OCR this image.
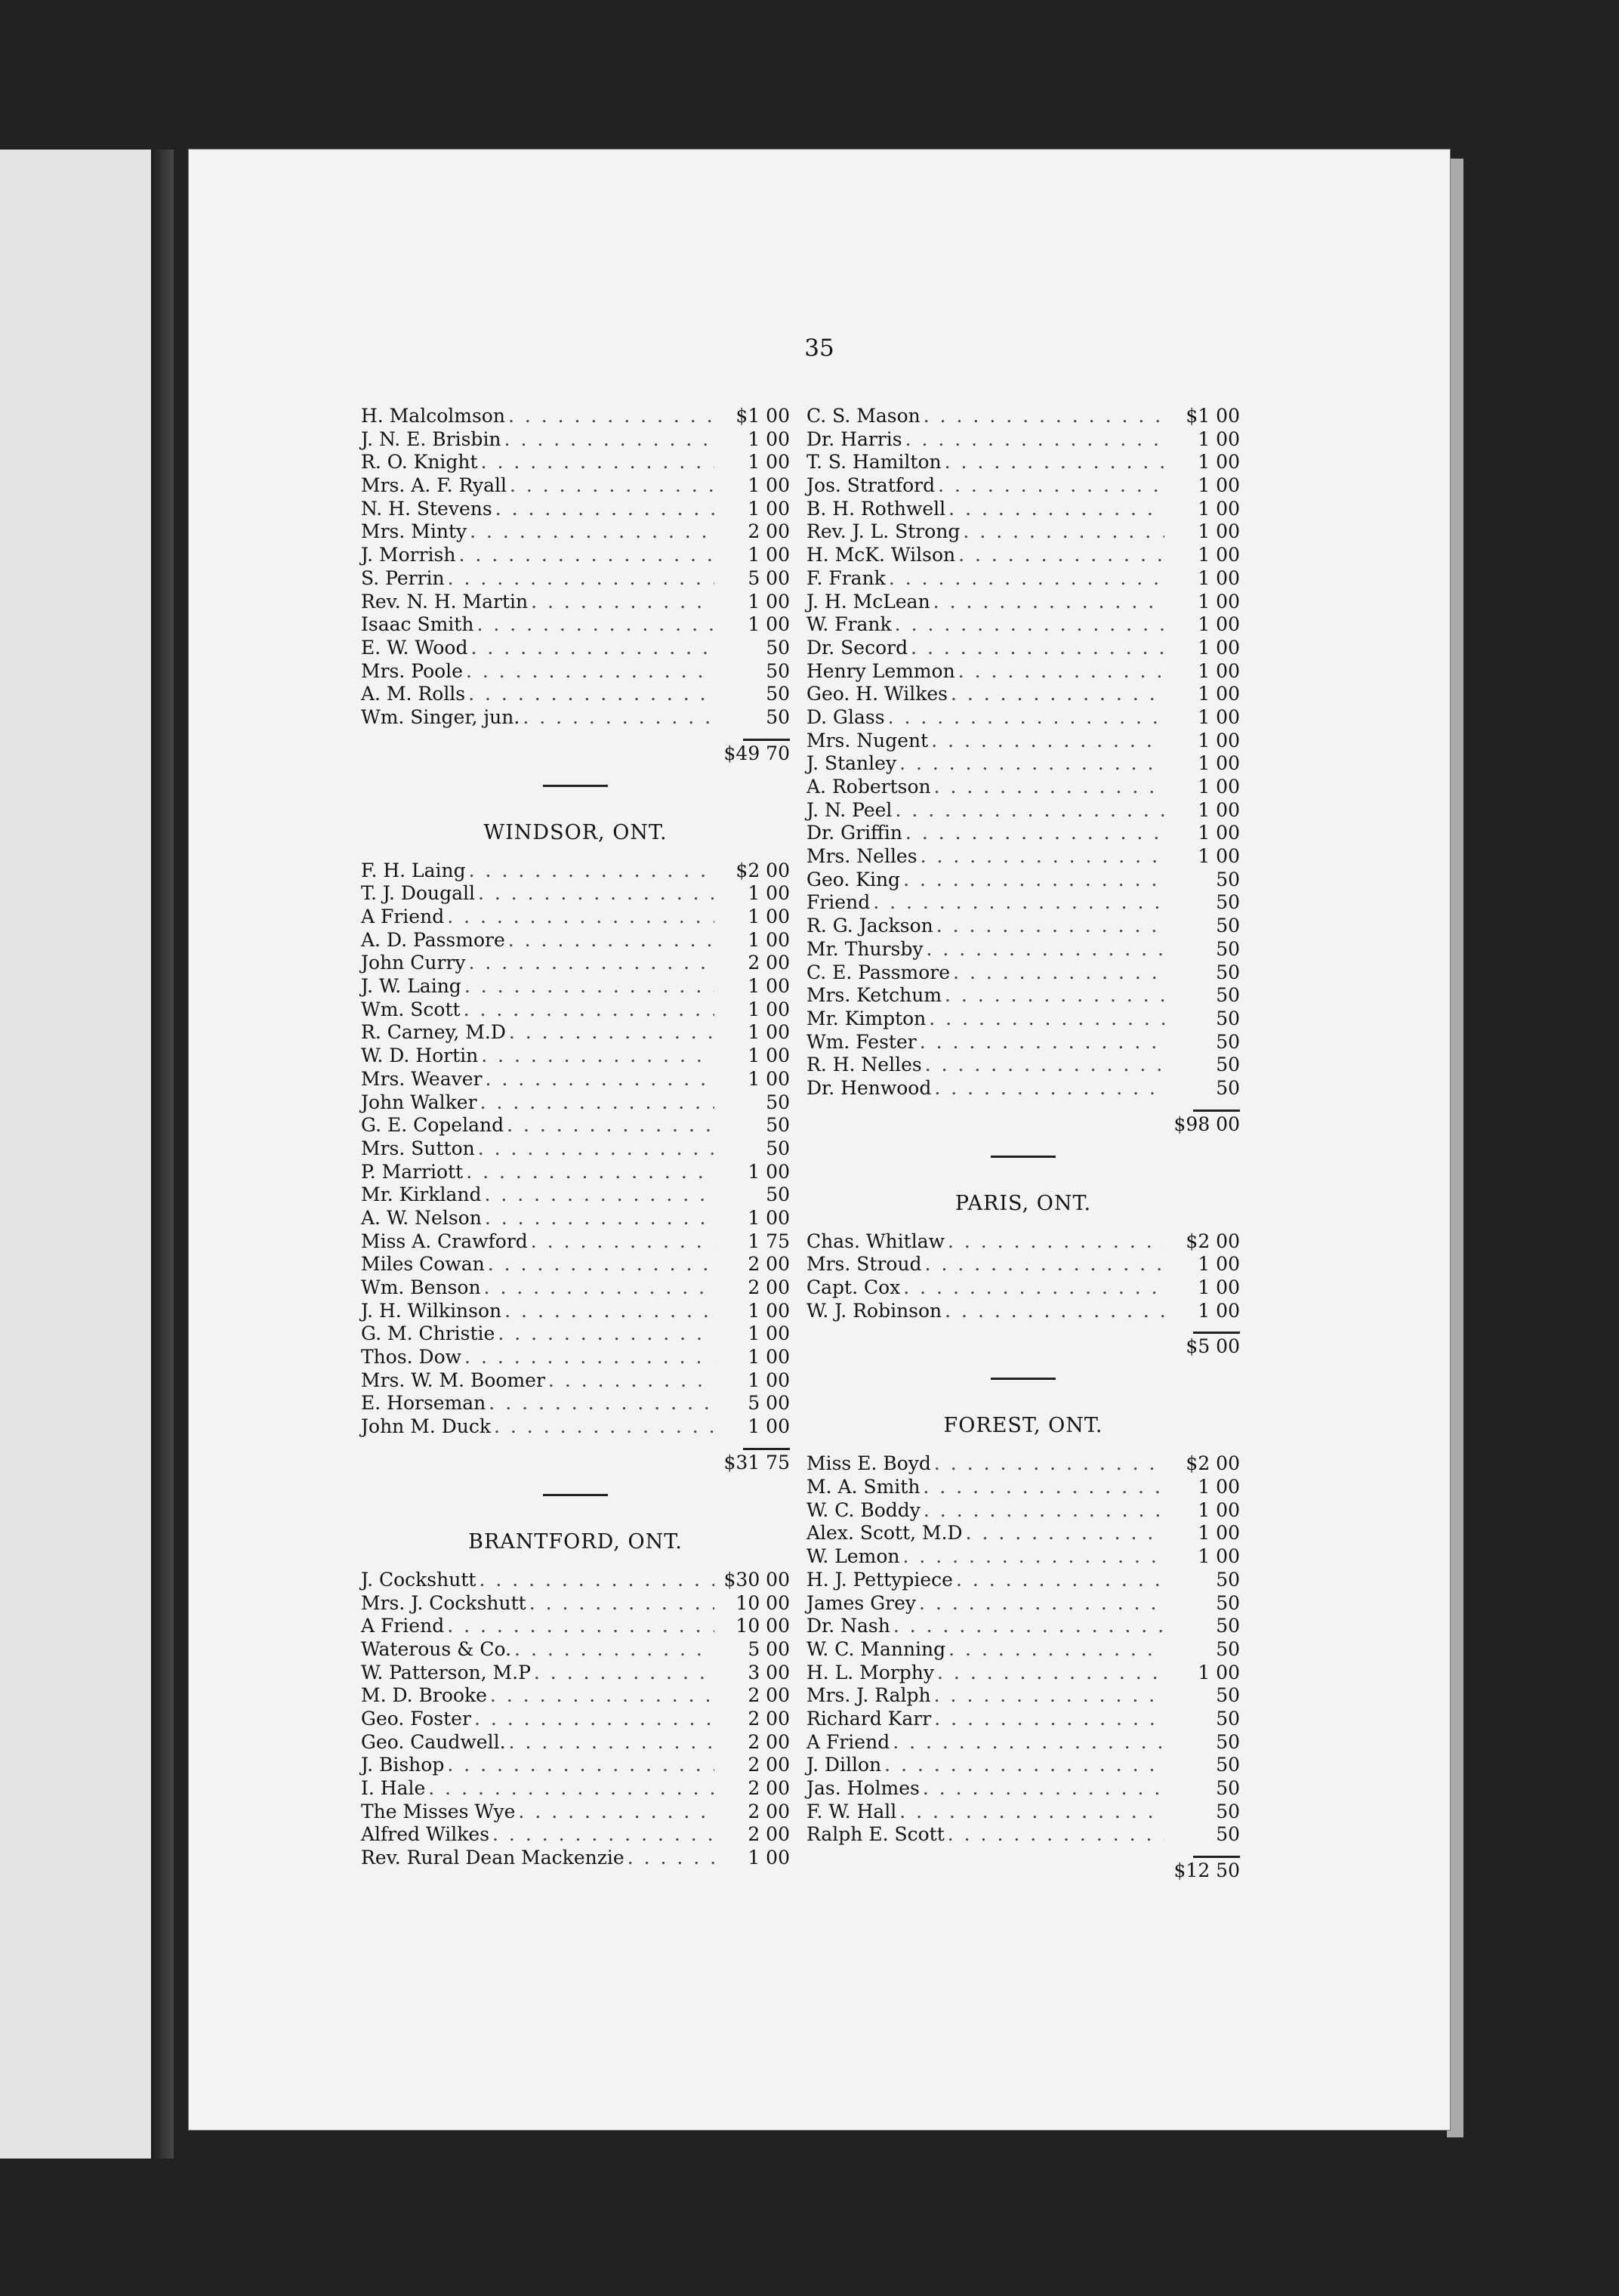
35
H. Malcolmson . . .	$1 00
J. N. E. Brisbin . . .	1 00
R. O. Knight . . .	1 00
Mrs. A. F. Ryall . . .	1 00
N. H. Stevens . . .	1 00
Mrs. Minty . . .	2 00
J. Morrish . . .	1 00
S. Perrin . . .	5 00
Rev. N. H. Martin . . .	1 00
Isaac Smith . . .	1 00
E. W. Wood . . .	50
Mrs. Poole . . .	50
A. M. Rolls . . .	50
Wm. Singer, jun. . . .	50
$49 70
WINDSOR, ONT.
F. H. Laing . . .	$2 00
T. J. Dougall . . .	1 00
A Friend . . .	1 00
A. D. Passmore . . .	1 00
John Curry . . .	2 00
J. W. Laing . . .	1 00
Wm. Scott . . .	1 00
R. Carney, M.D . . .	1 00
W. D. Hortin . . .	1 00
Mrs. Weaver . . .	1 00
John Walker . . .	50
G. E. Copeland . . .	50
Mrs. Sutton . . .	50
P. Marriott . . .	1 00
Mr. Kirkland . . .	50
A. W. Nelson . . .	1 00
Miss A. Crawford . . .	1 75
Miles Cowan . . .	2 00
Wm. Benson . . .	2 00
J. H. Wilkinson . . .	1 00
G. M. Christie . . .	1 00
Thos. Dow . . .	1 00
Mrs. W. M. Boomer . . .	1 00
E. Horseman . . .	5 00
John M. Duck . . .	1 00
$31 75
BRANTFORD, ONT.
J. Cockshutt . . .	$30 00
Mrs. J. Cockshutt . . .	10 00
A Friend . . .	10 00
Waterous & Co. . . .	5 00
W. Patterson, M.P . . .	3 00
M. D. Brooke . . .	2 00
Geo. Foster . . .	2 00
Geo. Caudwell. . . .	2 00
J. Bishop . . .	2 00
I. Hale . . .	2 00
The Misses Wye . . .	2 00
Alfred Wilkes . . .	2 00
Rev. Rural Dean Mackenzie . . .	1 00
C. S. Mason . . .	$1 00
Dr. Harris . . .	1 00
T. S. Hamilton . . .	1 00
Jos. Stratford . . .	1 00
B. H. Rothwell . . .	1 00
Rev. J. L. Strong . . .	1 00
H. McK. Wilson . . .	1 00
F. Frank . . .	1 00
J. H. McLean . . .	1 00
W. Frank . . .	1 00
Dr. Secord . . .	1 00
Henry Lemmon . . .	1 00
Geo. H. Wilkes . . .	1 00
D. Glass . . .	1 00
Mrs. Nugent . . .	1 00
J. Stanley . . .	1 00
A. Robertson . . .	1 00
J. N. Peel . . .	1 00
Dr. Griffin . . .	1 00
Mrs. Nelles . . .	1 00
Geo. King . . .	50
Friend . . .	50
R. G. Jackson . . .	50
Mr. Thursby . . .	50
C. E. Passmore . . .	50
Mrs. Ketchum . . .	50
Mr. Kimpton . . .	50
Wm. Fester . . .	50
R. H. Nelles . . .	50
Dr. Henwood . . .	50
$98 00
PARIS, ONT.
Chas. Whitlaw . . .	$2 00
Mrs. Stroud . . .	1 00
Capt. Cox . . .	1 00
W. J. Robinson . . .	1 00
$5 00
FOREST, ONT.
Miss E. Boyd . . .	$2 00
M. A. Smith . . .	1 00
W. C. Boddy . . .	1 00
Alex. Scott, M.D . . .	1 00
W. Lemon . . .	1 00
H. J. Pettypiece . . .	50
James Grey . . .	50
Dr. Nash . . .	50
W. C. Manning . . .	50
H. L. Morphy . . .	1 00
Mrs. J. Ralph . . .	50
Richard Karr . . .	50
A Friend . . .	50
J. Dillon . . .	50
Jas. Holmes . . .	50
F. W. Hall . . .	50
Ralph E. Scott . . .	50
$12 50
